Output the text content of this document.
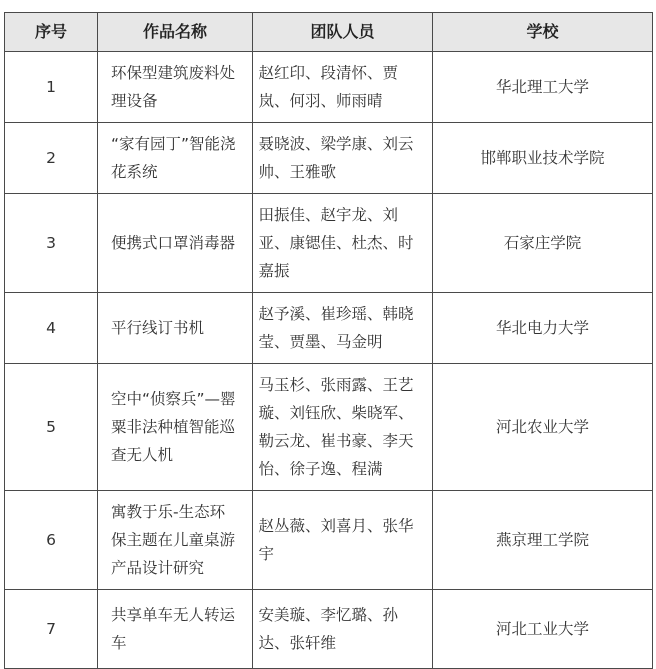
序号	作品名称	团队人员	学校
1	环保型建筑废料处理设备	赵红印、段清怀、贾岚、何羽、师雨晴	华北理工大学
2	“家有园丁”智能浇花系统	聂晓波、梁学康、刘云帅、王雅歌	邯郸职业技术学院
3	便携式口罩消毒器	田振佳、赵宇龙、刘亚、康锶佳、杜杰、时嘉振	石家庄学院
4	平行线订书机	赵予溪、崔珍瑶、韩晓莹、贾墨、马金明	华北电力大学
5	空中“侦察兵”—罂粟非法种植智能巡查无人机	马玉杉、张雨露、王艺璇、刘钰欣、柴晓军、勒云龙、崔书豪、李天怡、徐子逸、程满	河北农业大学
6	寓教于乐-生态环保主题在儿童桌游产品设计研究	赵丛薇、刘喜月、张华宇	燕京理工学院
7	共享单车无人转运车	安美璇、李忆璐、孙达、张轩维	河北工业大学
